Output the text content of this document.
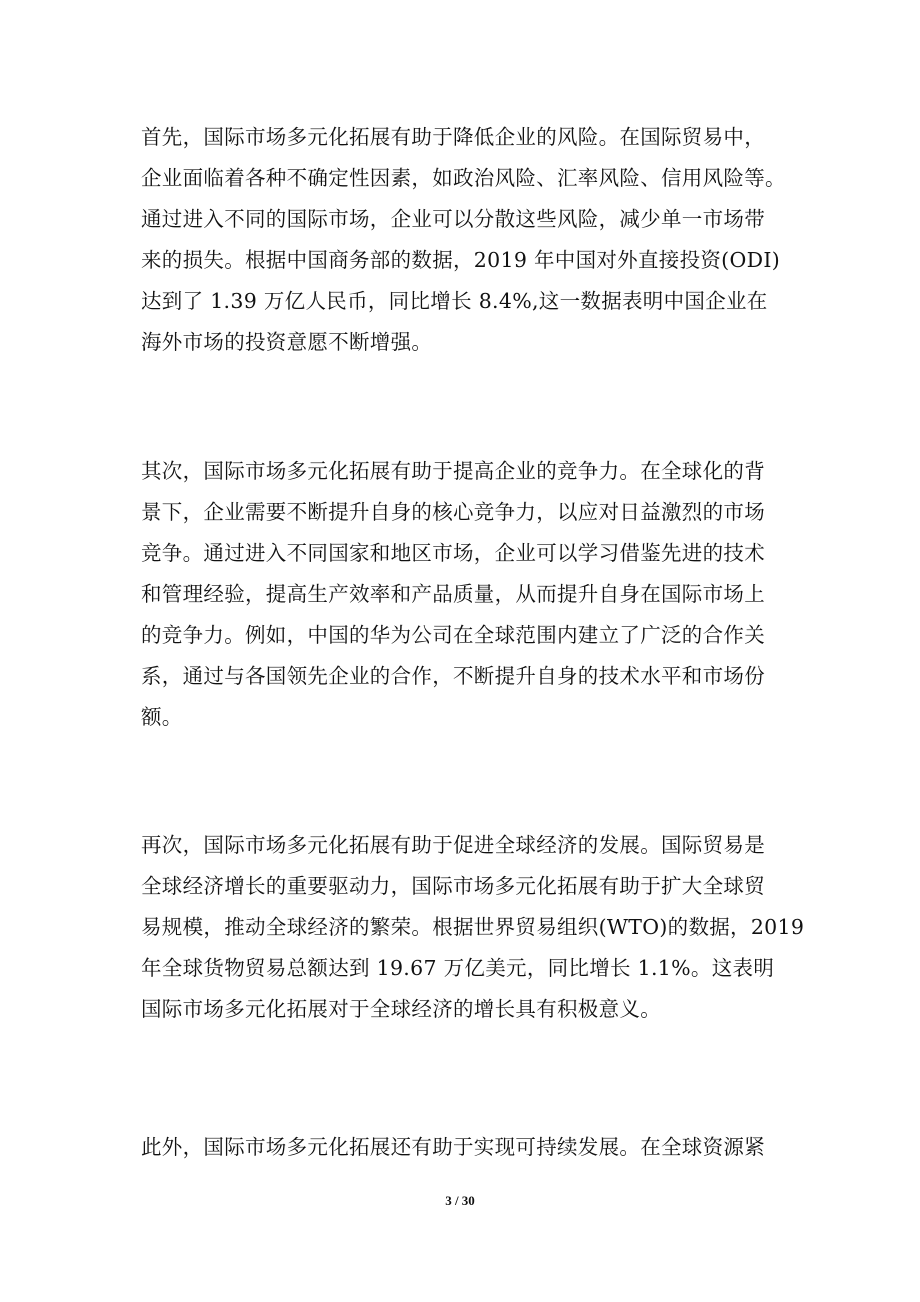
首先，国际市场多元化拓展有助于降低企业的风险。在国际贸易中，
企业面临着各种不确定性因素，如政治风险、汇率风险、信用风险等。
通过进入不同的国际市场，企业可以分散这些风险，减少单一市场带
来的损失。根据中国商务部的数据，2019 年中国对外直接投资(ODI)
达到了 1.39 万亿人民币，同比增长 8.4%,这一数据表明中国企业在
海外市场的投资意愿不断增强。

其次，国际市场多元化拓展有助于提高企业的竞争力。在全球化的背
景下，企业需要不断提升自身的核心竞争力，以应对日益激烈的市场
竞争。通过进入不同国家和地区市场，企业可以学习借鉴先进的技术
和管理经验，提高生产效率和产品质量，从而提升自身在国际市场上
的竞争力。例如，中国的华为公司在全球范围内建立了广泛的合作关
系，通过与各国领先企业的合作，不断提升自身的技术水平和市场份
额。

再次，国际市场多元化拓展有助于促进全球经济的发展。国际贸易是
全球经济增长的重要驱动力，国际市场多元化拓展有助于扩大全球贸
易规模，推动全球经济的繁荣。根据世界贸易组织(WTO)的数据，2019
年全球货物贸易总额达到 19.67 万亿美元，同比增长 1.1%。这表明
国际市场多元化拓展对于全球经济的增长具有积极意义。

此外，国际市场多元化拓展还有助于实现可持续发展。在全球资源紧

3 / 30
